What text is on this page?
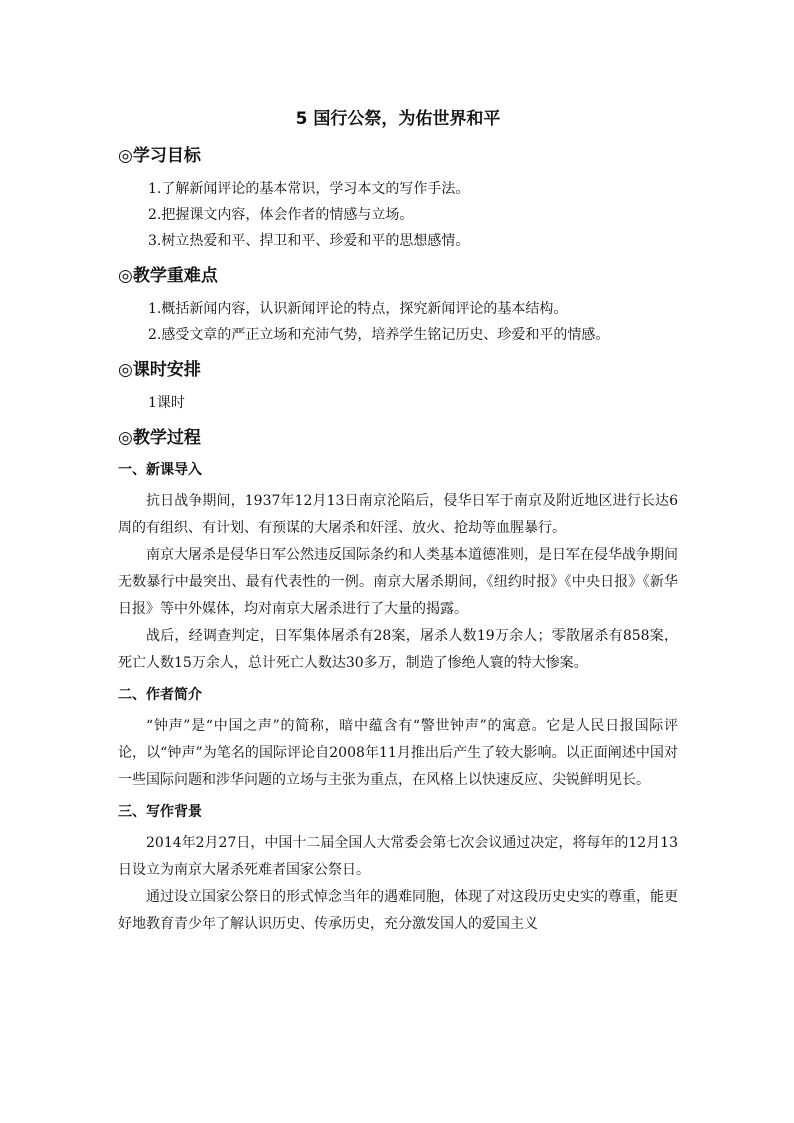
5 国行公祭，为佑世界和平
◎学习目标
1.了解新闻评论的基本常识，学习本文的写作手法。
2.把握课文内容，体会作者的情感与立场。
3.树立热爱和平、捍卫和平、珍爱和平的思想感情。
◎教学重难点
1.概括新闻内容，认识新闻评论的特点，探究新闻评论的基本结构。
2.感受文章的严正立场和充沛气势，培养学生铭记历史、珍爱和平的情感。
◎课时安排
1课时
◎教学过程
一、新课导入

抗日战争期间，1937年12月13日南京沦陷后，侵华日军于南京及附近地区进行长达6周的有组织、有计划、有预谋的大屠杀和奸淫、放火、抢劫等血腥暴行。

南京大屠杀是侵华日军公然违反国际条约和人类基本道德准则，是日军在侵华战争期间无数暴行中最突出、最有代表性的一例。南京大屠杀期间，《纽约时报》《中央日报》《新华日报》等中外媒体，均对南京大屠杀进行了大量的揭露。

战后，经调查判定，日军集体屠杀有28案，屠杀人数19万余人；零散屠杀有858案，死亡人数15万余人，总计死亡人数达30多万，制造了惨绝人寰的特大惨案。

二、作者简介

“钟声”是“中国之声”的简称，暗中蕴含有“警世钟声”的寓意。它是人民日报国际评论，以“钟声”为笔名的国际评论自2008年11月推出后产生了较大影响。以正面阐述中国对一些国际问题和涉华问题的立场与主张为重点，在风格上以快速反应、尖锐鲜明见长。

三、写作背景

2014年2月27日，中国十二届全国人大常委会第七次会议通过决定，将每年的12月13日设立为南京大屠杀死难者国家公祭日。

通过设立国家公祭日的形式悼念当年的遇难同胞，体现了对这段历史史实的尊重，能更好地教育青少年了解认识历史、传承历史，充分激发国人的爱国主义
